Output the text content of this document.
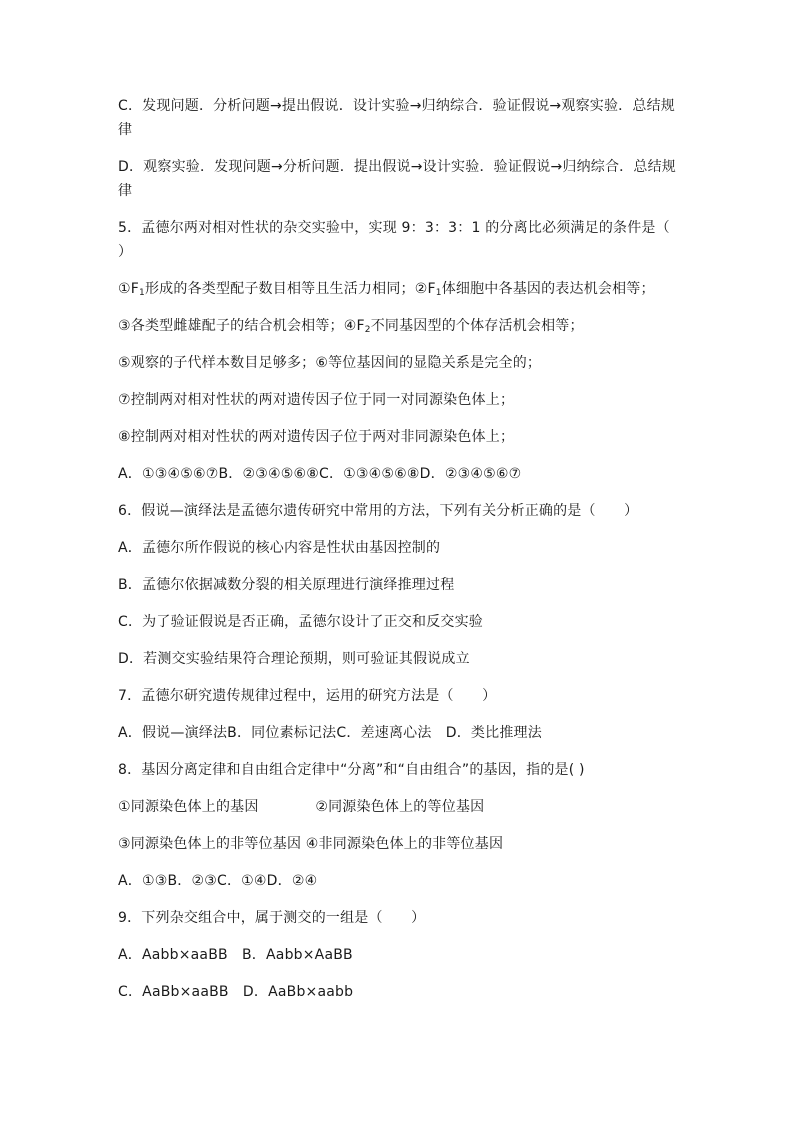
C．发现问题．分析问题→提出假说．设计实验→归纳综合．验证假说→观察实验．总结规律
D．观察实验．发现问题→分析问题．提出假说→设计实验．验证假说→归纳综合．总结规律
5．孟德尔两对相对性状的杂交实验中，实现 9：3：3：1 的分离比必须满足的条件是（　　）
$①F_1$形成的各类型配子数目相等且生活力相同；$②F_1$体细胞中各基因的表达机会相等；
③各类型雌雄配子的结合机会相等；$④F_2$不同基因型的个体存活机会相等；
⑤观察的子代样本数目足够多；⑥等位基因间的显隐关系是完全的；
⑦控制两对相对性状的两对遗传因子位于同一对同源染色体上；
⑧控制两对相对性状的两对遗传因子位于两对非同源染色体上；
A．①③④⑤⑥⑦B．②③④⑤⑥⑧C．①③④⑤⑥⑧D．②③④⑤⑥⑦
6．假说—演绎法是孟德尔遗传研究中常用的方法，下列有关分析正确的是（　　）
A．孟德尔所作假说的核心内容是性状由基因控制的
B．孟德尔依据减数分裂的相关原理进行演绎推理过程
C．为了验证假说是否正确，孟德尔设计了正交和反交实验
D．若测交实验结果符合理论预期，则可验证其假说成立
7．孟德尔研究遗传规律过程中，运用的研究方法是（　　）
A．假说—演绎法B．同位素标记法C．差速离心法　D．类比推理法
8．基因分离定律和自由组合定律中“分离”和“自由组合”的基因，指的是( )
①同源染色体上的基因　　　　②同源染色体上的等位基因
③同源染色体上的非等位基因 ④非同源染色体上的非等位基因
A．①③B．②③C．①④D．②④
9．下列杂交组合中，属于测交的一组是（　　）
A．Aabb×aaBB　B．Aabb×AaBB
C．AaBb×aaBB　D．AaBb×aabb
